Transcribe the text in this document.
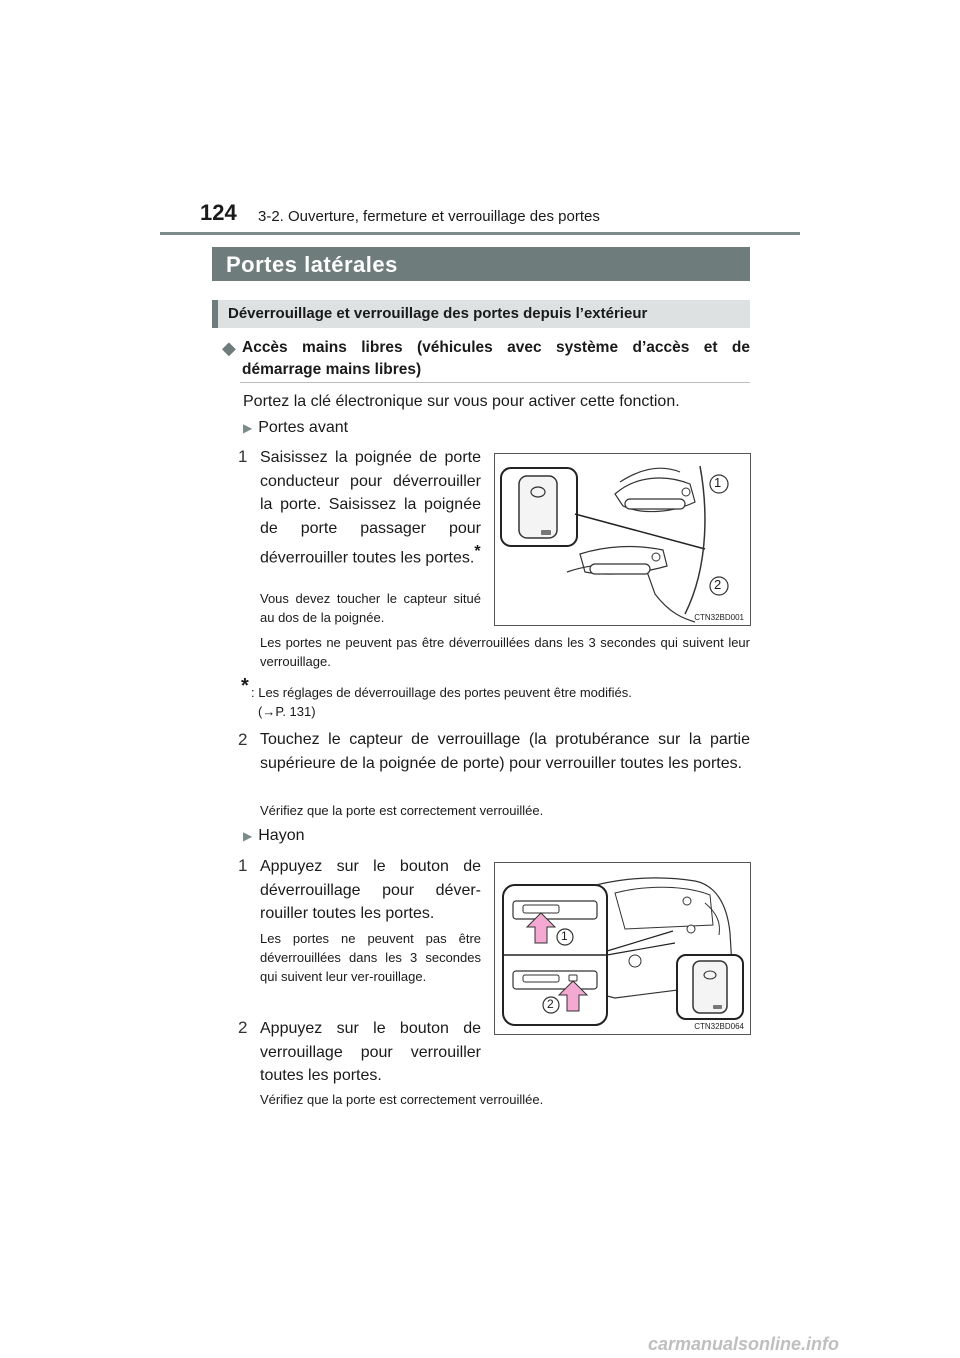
124 3-2. Ouverture, fermeture et verrouillage des portes
Portes latérales
Déverrouillage et verrouillage des portes depuis l’extérieur
◆ Accès mains libres (véhicules avec système d’accès et de démarrage mains libres)
Portez la clé électronique sur vous pour activer cette fonction.
▶ Portes avant
1 Saisissez la poignée de porte conducteur pour déverrouiller la porte. Saisissez la poignée de porte passager pour déverrouiller toutes les portes.*
Vous devez toucher le capteur situé au dos de la poignée.
Les portes ne peuvent pas être déverrouillées dans les 3 secondes qui suivent leur verrouillage.
* : Les réglages de déverrouillage des portes peuvent être modifiés.
(→P. 131)
1
2
CTN32BD001
2 Touchez le capteur de verrouillage (la protubérance sur la partie supérieure de la poignée de porte) pour verrouiller toutes les portes.
Vérifiez que la porte est correctement verrouillée.
▶ Hayon
1 Appuyez sur le bouton de déverrouillage pour déver-rouiller toutes les portes.
Les portes ne peuvent pas être déverrouillées dans les 3 secondes qui suivent leur ver-rouillage.
2 Appuyez sur le bouton de verrouillage pour verrouiller toutes les portes.
Vérifiez que la porte est correctement verrouillée.
1
2
CTN32BD064
carmanualsonline.info
